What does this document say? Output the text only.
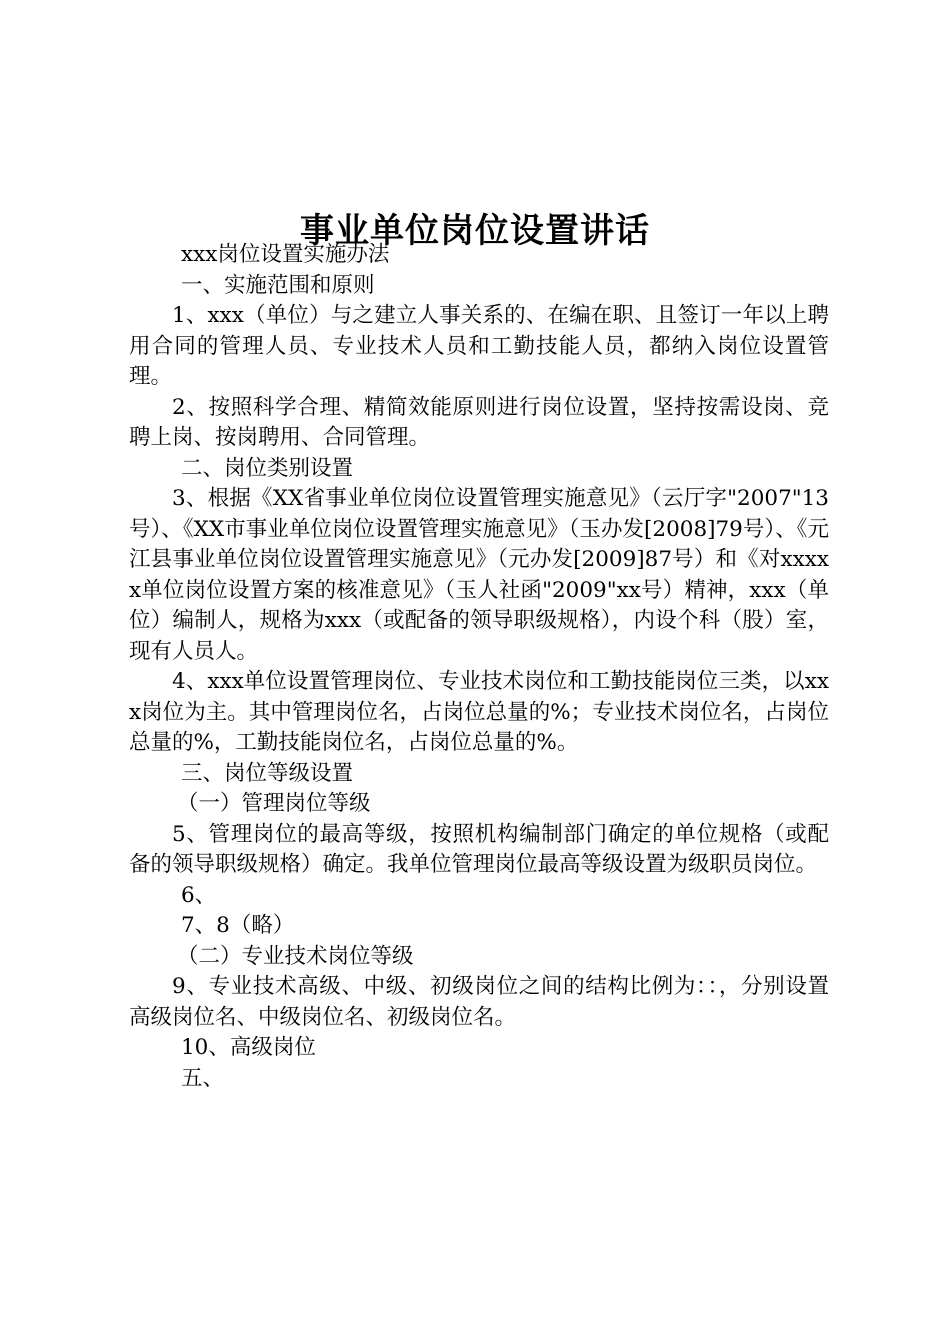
事业单位岗位设置讲话

xxx岗位设置实施办法

一、实施范围和原则

1、xxx（单位）与之建立人事关系的、在编在职、且签订一年以上聘用合同的管理人员、专业技术人员和工勤技能人员，都纳入岗位设置管理。

2、按照科学合理、精简效能原则进行岗位设置，坚持按需设岗、竞聘上岗、按岗聘用、合同管理。

二、岗位类别设置

3、根据《XX省事业单位岗位设置管理实施意见》（云厅字"2007"13号）、《XX市事业单位岗位设置管理实施意见》（玉办发[2008]79号）、《元江县事业单位岗位设置管理实施意见》（元办发[2009]87号）和《对xxxxx单位岗位设置方案的核准意见》（玉人社函"2009"xx号）精神，xxx（单位）编制人，规格为xxx（或配备的领导职级规格），内设个科（股）室，现有人员人。

4、xxx单位设置管理岗位、专业技术岗位和工勤技能岗位三类，以xxx岗位为主。其中管理岗位名，占岗位总量的%；专业技术岗位名，占岗位总量的%，工勤技能岗位名，占岗位总量的%。

三、岗位等级设置

（一）管理岗位等级

5、管理岗位的最高等级，按照机构编制部门确定的单位规格（或配备的领导职级规格）确定。我单位管理岗位最高等级设置为级职员岗位。

6、

7、8（略）

（二）专业技术岗位等级

9、专业技术高级、中级、初级岗位之间的结构比例为：：，分别设置高级岗位名、中级岗位名、初级岗位名。

10、高级岗位

五、
